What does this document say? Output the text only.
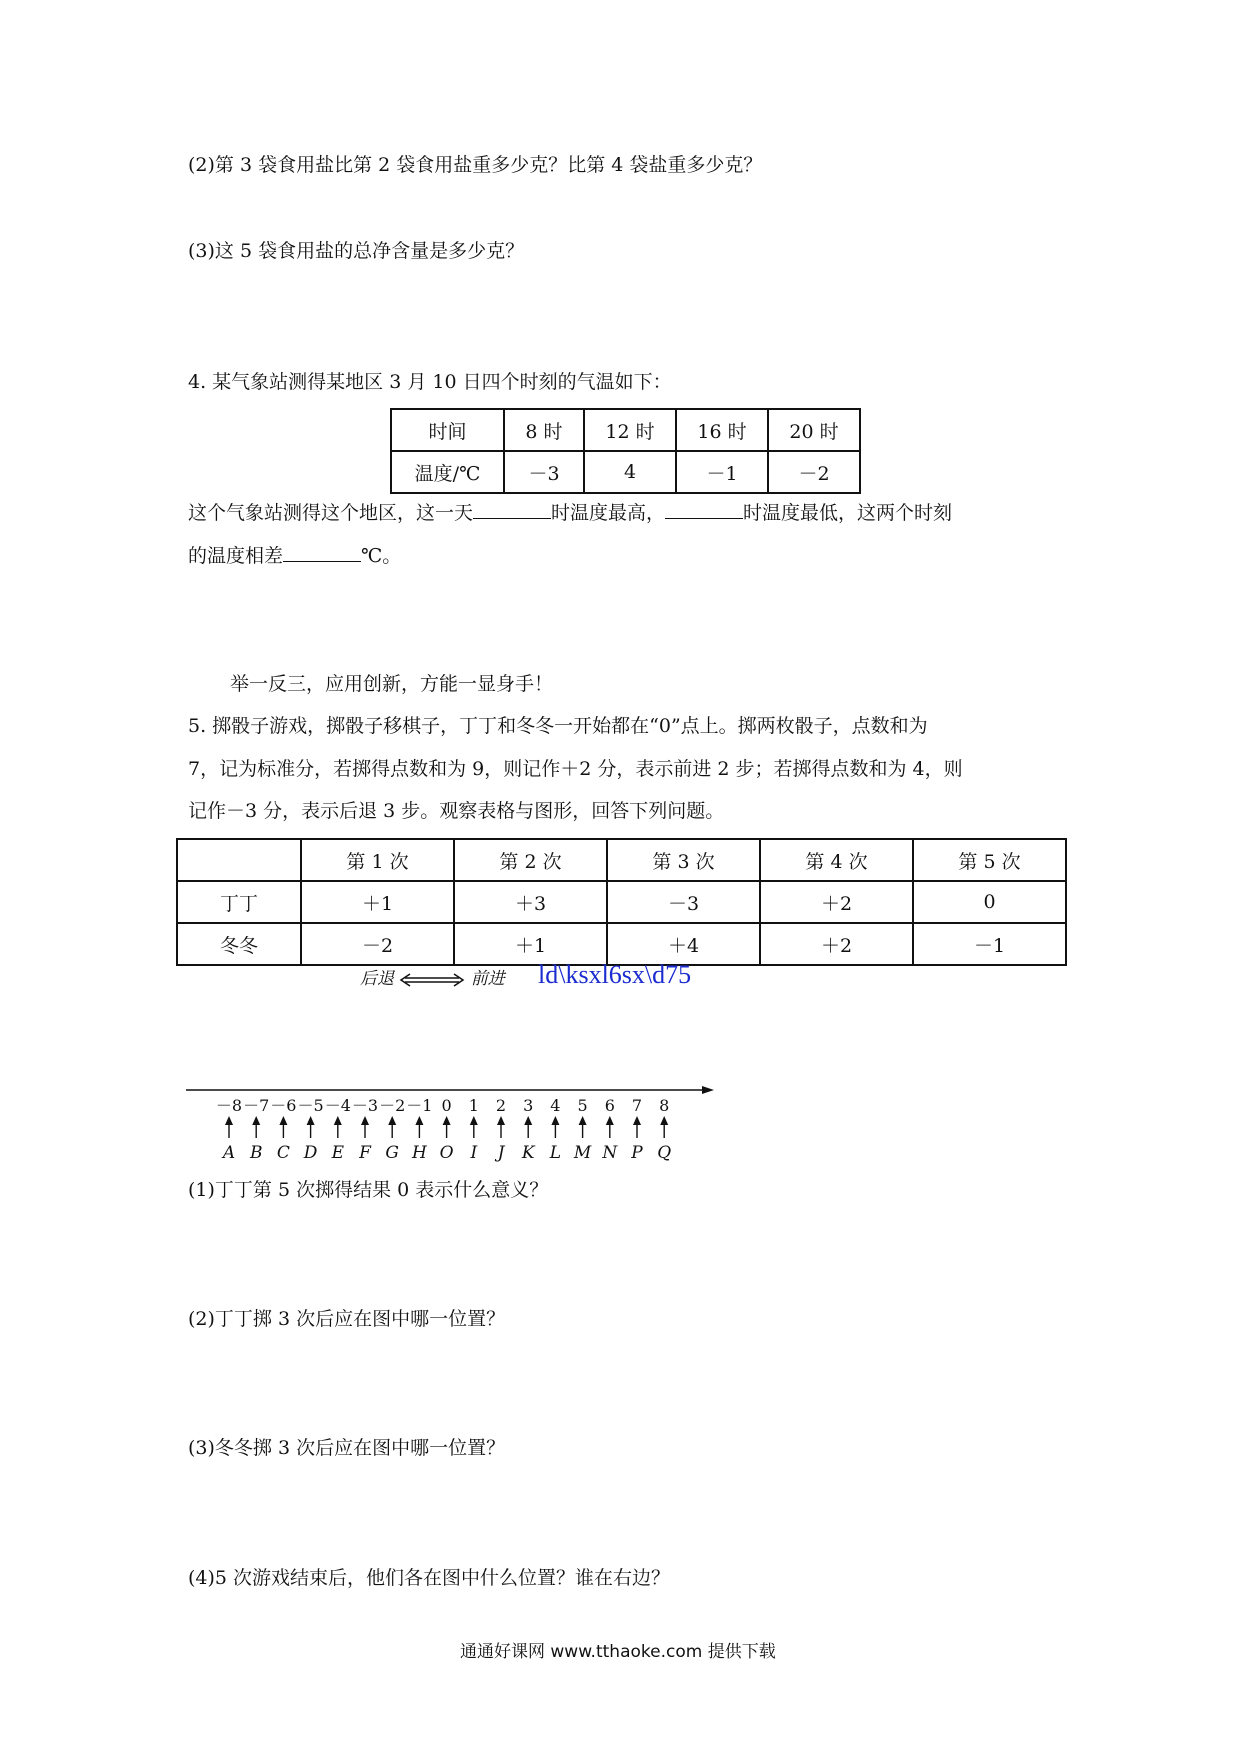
(2)第 3 袋食用盐比第 2 袋食用盐重多少克？比第 4 袋盐重多少克？
(3)这 5 袋食用盐的总净含量是多少克？
4. 某气象站测得某地区 3 月 10 日四个时刻的气温如下：
时间	8 时	12 时	16 时	20 时
温度/℃	－3	4	－1	－2
这个气象站测得这个地区，这一天	时温度最高，	时温度最低，这两个时刻
的温度相差	℃。
举一反三，应用创新，方能一显身手！
5. 掷骰子游戏，掷骰子移棋子，丁丁和冬冬一开始都在“0”点上。掷两枚骰子，点数和为
7，记为标准分，若掷得点数和为 9，则记作＋2 分，表示前进 2 步；若掷得点数和为 4，则
记作－3 分，表示后退 3 步。观察表格与图形，回答下列问题。
	第 1 次	第 2 次	第 3 次	第 4 次	第 5 次
丁丁	＋1	＋3	－3	＋2	0
冬冬	－2	＋1	＋4	＋2	－1
后退	前进 ld\ksxl6sx\d75
－8
A
－7
B
－6
C
－5
D
－4
E
－3
F
－2
G
－1
H
0
O
1
I
2
J
3
K
4
L
5
M
6
N
7
P
8
Q
(1)丁丁第 5 次掷得结果 0 表示什么意义？
(2)丁丁掷 3 次后应在图中哪一位置？
(3)冬冬掷 3 次后应在图中哪一位置？
(4)5 次游戏结束后，他们各在图中什么位置？谁在右边？
通通好课网 www.tthaoke.com 提供下载
